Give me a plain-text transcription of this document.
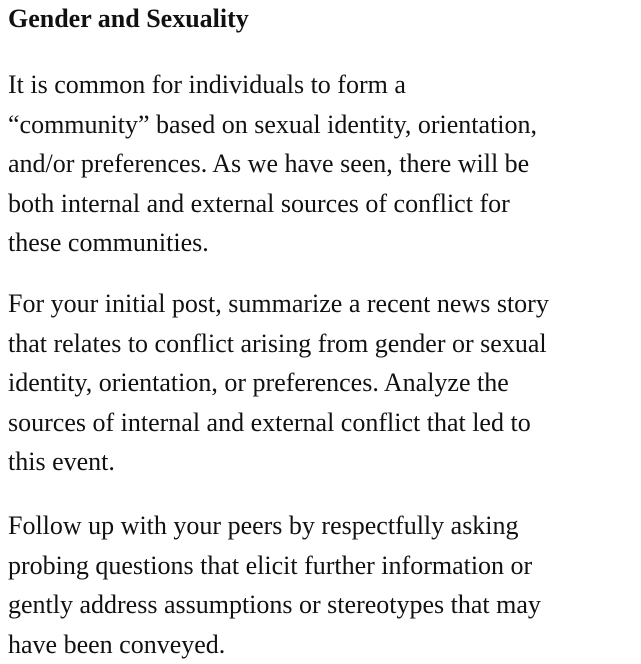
Gender and Sexuality

It is common for individuals to form a
“community” based on sexual identity, orientation,
and/or preferences. As we have seen, there will be
both internal and external sources of conflict for
these communities.

For your initial post, summarize a recent news story
that relates to conflict arising from gender or sexual
identity, orientation, or preferences. Analyze the
sources of internal and external conflict that led to
this event.

Follow up with your peers by respectfully asking
probing questions that elicit further information or
gently address assumptions or stereotypes that may
have been conveyed.
